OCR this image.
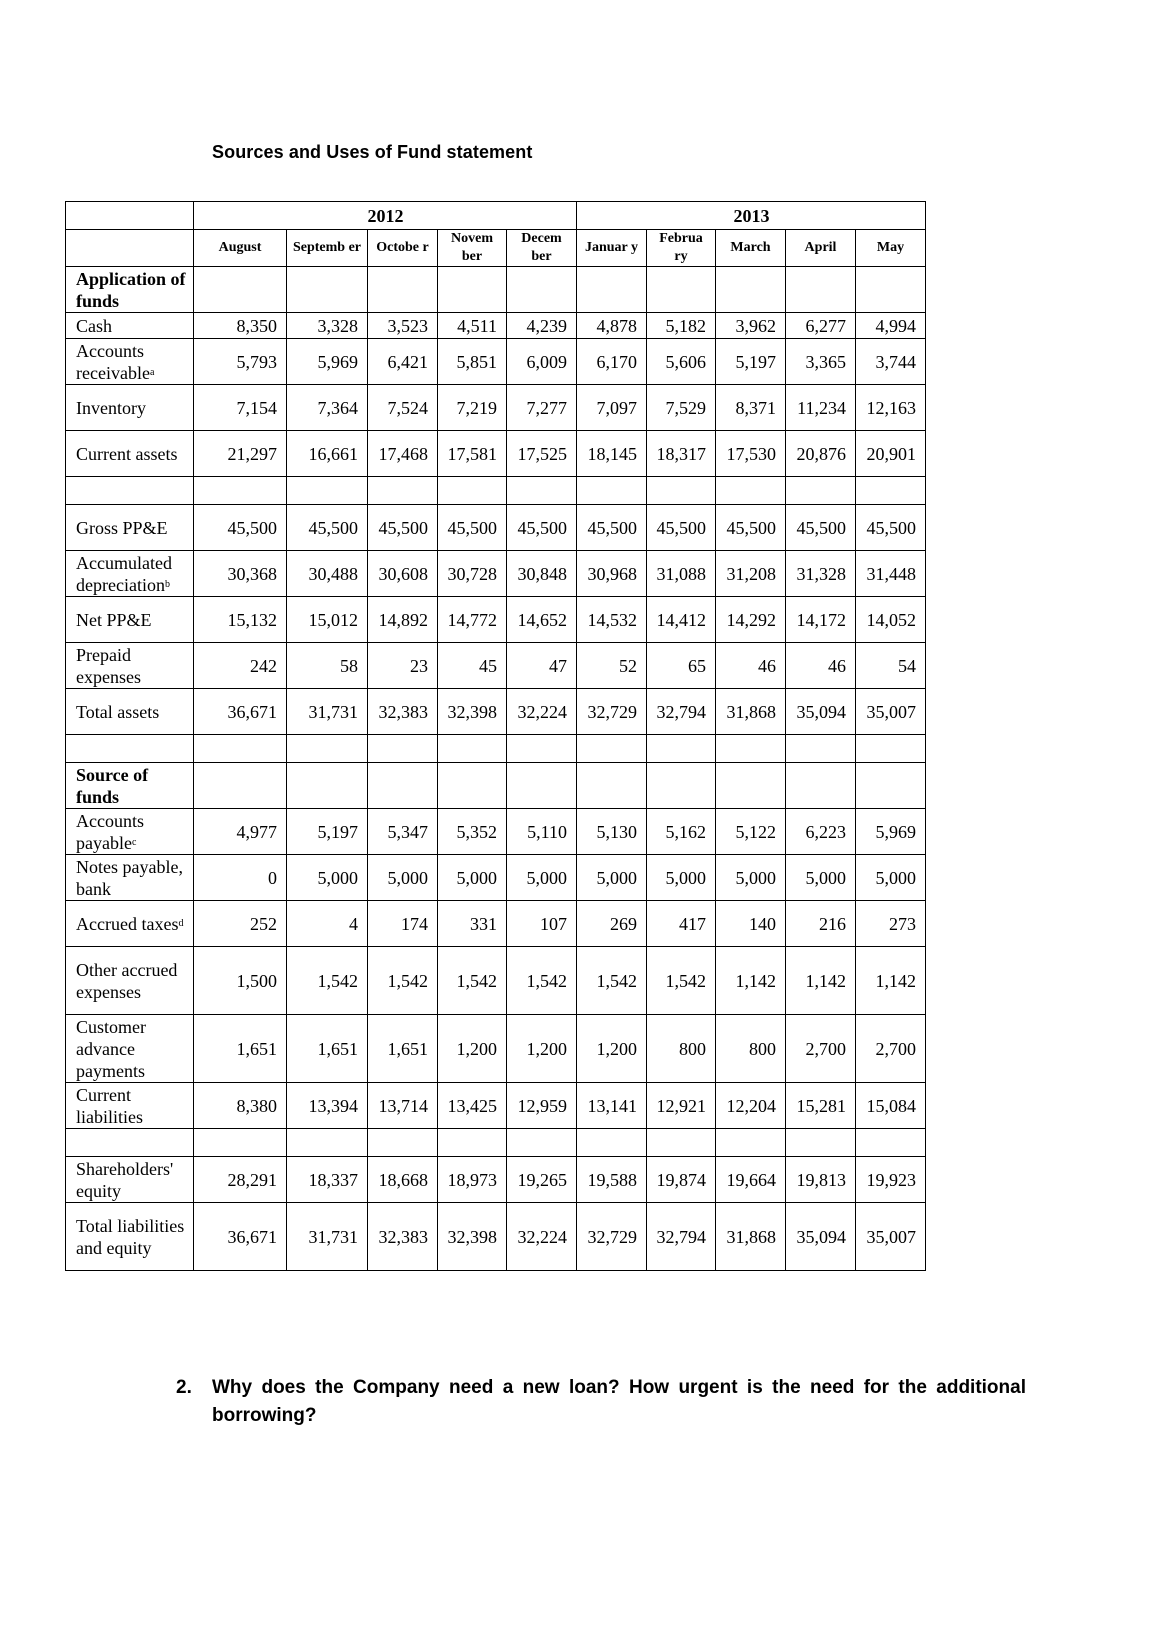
Sources and Uses of Fund statement
	2012					2013				
	August	Septemb er	Octobe r	Novem ber	Decem ber	Januar y	Februa ry	March	April	May
Application of funds										
Cash	8,350	3,328	3,523	4,511	4,239	4,878	5,182	3,962	6,277	4,994
Accounts receivable$^a$	5,793	5,969	6,421	5,851	6,009	6,170	5,606	5,197	3,365	3,744
Inventory	7,154	7,364	7,524	7,219	7,277	7,097	7,529	8,371	11,234	12,163
Current assets	21,297	16,661	17,468	17,581	17,525	18,145	18,317	17,530	20,876	20,901

Gross PP&E	45,500	45,500	45,500	45,500	45,500	45,500	45,500	45,500	45,500	45,500
Accumulated depreciation$^b$	30,368	30,488	30,608	30,728	30,848	30,968	31,088	31,208	31,328	31,448
Net PP&E	15,132	15,012	14,892	14,772	14,652	14,532	14,412	14,292	14,172	14,052
Prepaid expenses	242	58	23	45	47	52	65	46	46	54
Total assets	36,671	31,731	32,383	32,398	32,224	32,729	32,794	31,868	35,094	35,007

Source of funds										
Accounts payable$^c$	4,977	5,197	5,347	5,352	5,110	5,130	5,162	5,122	6,223	5,969
Notes payable, bank	0	5,000	5,000	5,000	5,000	5,000	5,000	5,000	5,000	5,000
Accrued taxes$^d$	252	4	174	331	107	269	417	140	216	273
Other accrued expenses	1,500	1,542	1,542	1,542	1,542	1,542	1,542	1,142	1,142	1,142
Customer advance payments	1,651	1,651	1,651	1,200	1,200	1,200	800	800	2,700	2,700
Current liabilities	8,380	13,394	13,714	13,425	12,959	13,141	12,921	12,204	15,281	15,084

Shareholders' equity	28,291	18,337	18,668	18,973	19,265	19,588	19,874	19,664	19,813	19,923
Total liabilities and equity	36,671	31,731	32,383	32,398	32,224	32,729	32,794	31,868	35,094	35,007
2. Why does the Company need a new loan? How urgent is the need for the additional borrowing?
